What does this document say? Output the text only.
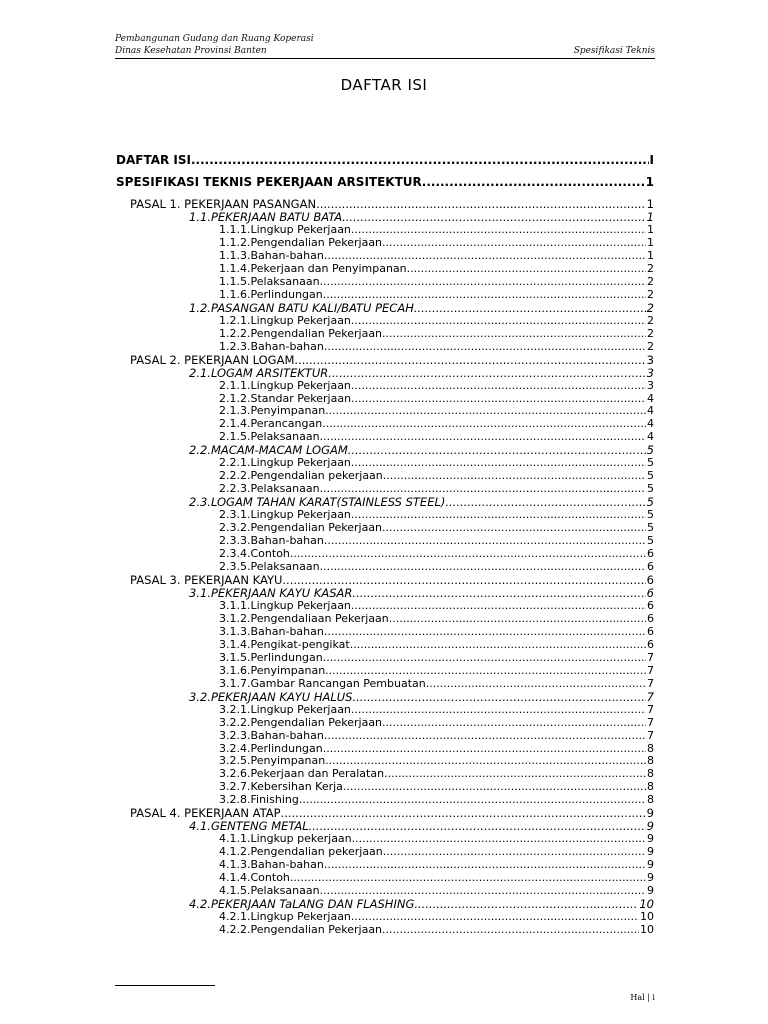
Pembangunan Gudang dan Ruang Koperasi
Dinas Kesehatan Provinsi Banten	Spesifikasi Teknis
DAFTAR ISI
DAFTAR ISI .....	I
SPESIFIKASI TEKNIS PEKERJAAN ARSITEKTUR .....	1
PASAL 1. PEKERJAAN PASANGAN .....	1
1.1. PEKERJAAN BATU BATA .....	1
1.1.1. Lingkup Pekerjaan .....	1
1.1.2. Pengendalian Pekerjaan .....	1
1.1.3. Bahan-bahan .....	1
1.1.4. Pekerjaan dan Penyimpanan .....	2
1.1.5. Pelaksanaan .....	2
1.1.6. Perlindungan .....	2
1.2. PASANGAN BATU KALI/BATU PECAH .....	2
1.2.1. Lingkup Pekerjaan .....	2
1.2.2. Pengendalian Pekerjaan .....	2
1.2.3. Bahan-bahan .....	2
PASAL 2. PEKERJAAN LOGAM .....	3
2.1. LOGAM ARSITEKTUR .....	3
2.1.1. Lingkup Pekerjaan .....	3
2.1.2. Standar Pekerjaan .....	4
2.1.3. Penyimpanan .....	4
2.1.4. Perancangan .....	4
2.1.5. Pelaksanaan .....	4
2.2. MACAM-MACAM LOGAM .....	5
2.2.1. Lingkup Pekerjaan .....	5
2.2.2. Pengendalian pekerjaan .....	5
2.2.3. Pelaksanaan .....	5
2.3. LOGAM TAHAN KARAT(STAINLESS STEEL) .....	5
2.3.1. Lingkup Pekerjaan .....	5
2.3.2. Pengendalian Pekerjaan .....	5
2.3.3. Bahan-bahan .....	5
2.3.4. Contoh .....	6
2.3.5. Pelaksanaan .....	6
PASAL 3. PEKERJAAN KAYU .....	6
3.1. PEKERJAAN KAYU KASAR .....	6
3.1.1. Lingkup Pekerjaan .....	6
3.1.2. Pengendaliaan Pekerjaan .....	6
3.1.3. Bahan-bahan .....	6
3.1.4. Pengikat-pengikat .....	6
3.1.5. Perlindungan .....	7
3.1.6. Penyimpanan .....	7
3.1.7. Gambar Rancangan Pembuatan .....	7
3.2. PEKERJAAN KAYU HALUS .....	7
3.2.1. Lingkup Pekerjaan .....	7
3.2.2. Pengendalian Pekerjaan .....	7
3.2.3. Bahan-bahan .....	7
3.2.4. Perlindungan .....	8
3.2.5. Penyimpanan .....	8
3.2.6. Pekerjaan dan Peralatan .....	8
3.2.7. Kebersihan Kerja .....	8
3.2.8. Finishing .....	8
PASAL 4. PEKERJAAN ATAP .....	9
4.1. GENTENG METAL .....	9
4.1.1. Lingkup pekerjaan .....	9
4.1.2. Pengendalian pekerjaan .....	9
4.1.3. Bahan-bahan .....	9
4.1.4. Contoh .....	9
4.1.5. Pelaksanaan .....	9
4.2. PEKERJAAN TaLANG DAN FLASHING .....	10
4.2.1. Lingkup Pekerjaan .....	10
4.2.2. Pengendalian Pekerjaan .....	10
Hal | i
